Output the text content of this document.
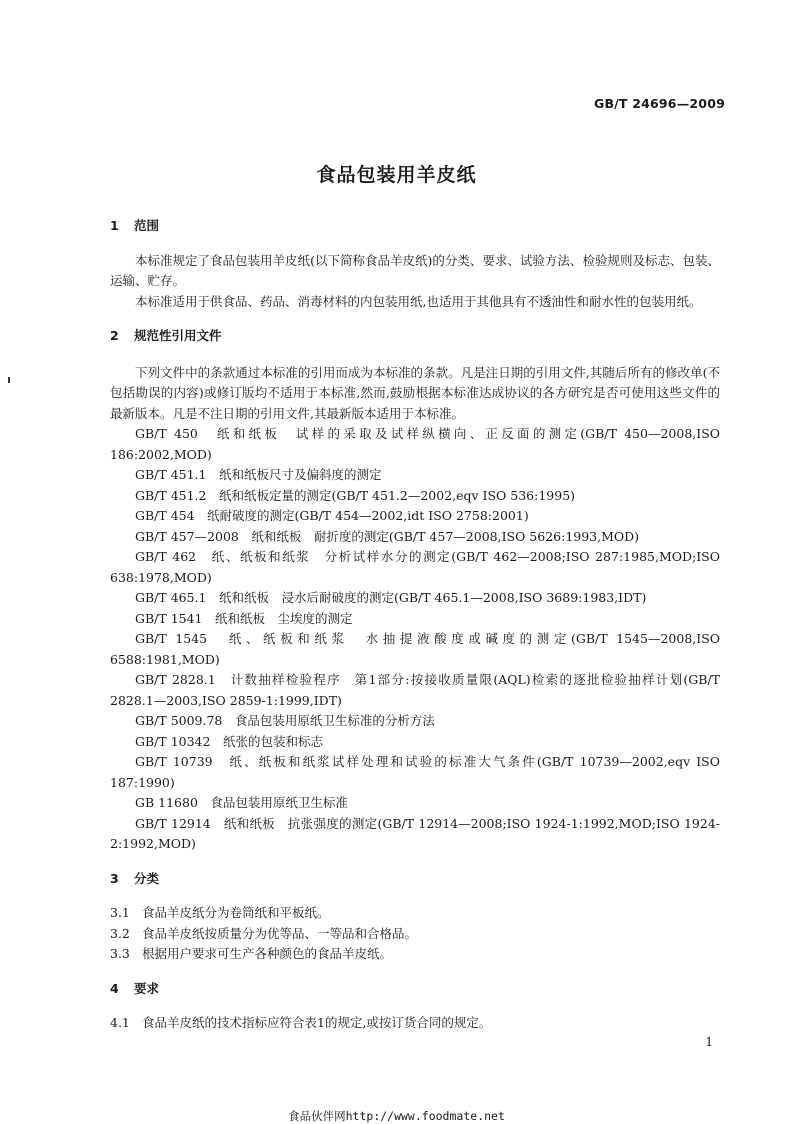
GB/T 24696—2009
食品包装用羊皮纸
1 范围
本标准规定了食品包装用羊皮纸(以下简称食品羊皮纸)的分类、要求、试验方法、检验规则及标志、包装、运输、贮存。
本标准适用于供食品、药品、消毒材料的内包装用纸,也适用于其他具有不透油性和耐水性的包装用纸。
2 规范性引用文件
下列文件中的条款通过本标准的引用而成为本标准的条款。凡是注日期的引用文件,其随后所有的修改单(不包括勘误的内容)或修订版均不适用于本标准,然而,鼓励根据本标准达成协议的各方研究是否可使用这些文件的最新版本。凡是不注日期的引用文件,其最新版本适用于本标准。
GB/T 450　纸和纸板　试样的采取及试样纵横向、正反面的测定(GB/T 450—2008,ISO 186:2002,MOD)
GB/T 451.1　纸和纸板尺寸及偏斜度的测定
GB/T 451.2　纸和纸板定量的测定(GB/T 451.2—2002,eqv ISO 536:1995)
GB/T 454　纸耐破度的测定(GB/T 454—2002,idt ISO 2758:2001)
GB/T 457—2008　纸和纸板　耐折度的测定(GB/T 457—2008,ISO 5626:1993,MOD)
GB/T 462　纸、纸板和纸浆　分析试样水分的测定(GB/T 462—2008;ISO 287:1985,MOD;ISO 638:1978,MOD)
GB/T 465.1　纸和纸板　浸水后耐破度的测定(GB/T 465.1—2008,ISO 3689:1983,IDT)
GB/T 1541　纸和纸板　尘埃度的测定
GB/T 1545　纸、纸板和纸浆　水抽提液酸度或碱度的测定(GB/T 1545—2008,ISO 6588:1981,MOD)
GB/T 2828.1　计数抽样检验程序　第1部分:按接收质量限(AQL)检索的逐批检验抽样计划(GB/T 2828.1—2003,ISO 2859-1:1999,IDT)
GB/T 5009.78　食品包装用原纸卫生标准的分析方法
GB/T 10342　纸张的包装和标志
GB/T 10739　纸、纸板和纸浆试样处理和试验的标准大气条件(GB/T 10739—2002,eqv ISO 187:1990)
GB 11680　食品包装用原纸卫生标准
GB/T 12914　纸和纸板　抗张强度的测定(GB/T 12914—2008;ISO 1924-1:1992,MOD;ISO 1924-2:1992,MOD)
3 分类
3.1 食品羊皮纸分为卷筒纸和平板纸。
3.2 食品羊皮纸按质量分为优等品、一等品和合格品。
3.3 根据用户要求可生产各种颜色的食品羊皮纸。
4 要求
4.1 食品羊皮纸的技术指标应符合表1的规定,或按订货合同的规定。
1
食品伙伴网http://www.foodmate.net
